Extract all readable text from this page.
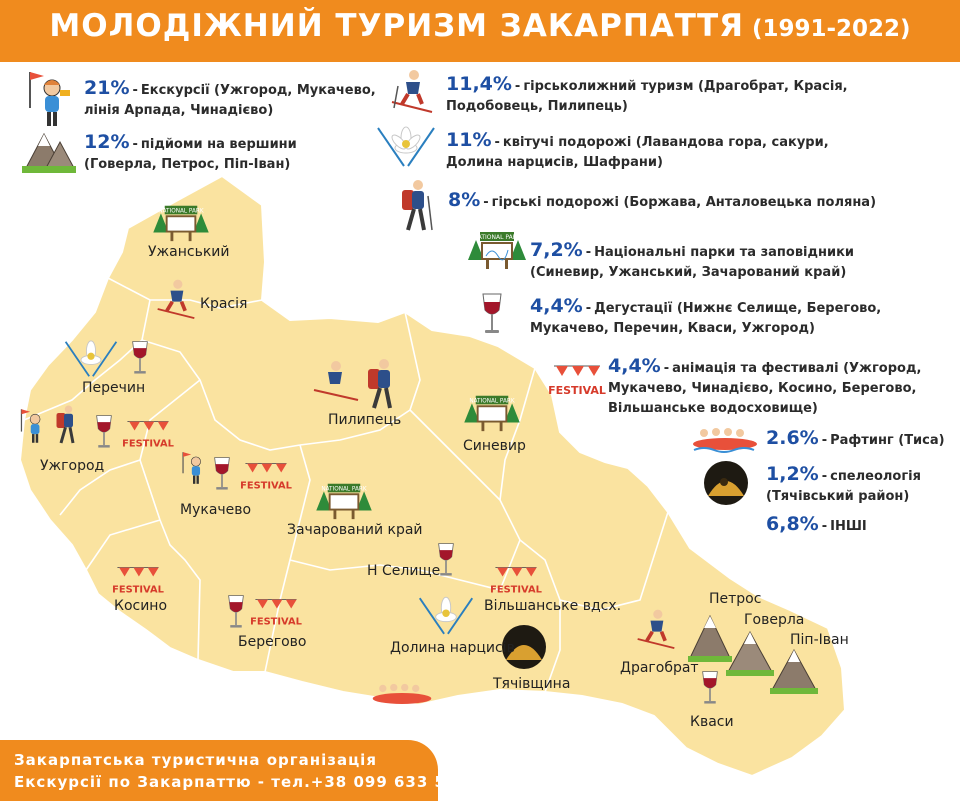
МОЛОДІЖНИЙ ТУРИЗМ ЗАКАРПАТТЯ (1991-2022)
NATIONAL PARK
FESTIVAL
21% - Екскурсії (Ужгород, Мукачево,
лінія Арпада, Чинадієво)
12% - підйоми на вершини
(Говерла, Петрос, Піп-Іван)
11,4% - гірськолижний туризм (Драгобрат, Красія,
Подобовець, Пилипець)
11% - квітучі подорожі (Лавандова гора, сакури,
Долина нарцисів, Шафрани)
8% - гірські подорожі (Боржава, Анталовецька поляна)
7,2% - Національні парки та заповідники
(Синевир, Ужанський, Зачарований край)
4,4% - Дегустації (Нижнє Селище, Берегово,
Мукачево, Перечин, Кваси, Ужгород)
4,4% - анімація та фестивалі (Ужгород,
Мукачево, Чинадієво, Косино, Берегово,
Вільшанське водосховище)
2.6% - Рафтинг (Тиса)
1,2% - спелеологія
(Тячівський район)
6,8% - ІНШІ
NATIONAL PARK
FESTIVAL
NATIONAL PARK
FESTIVAL	NATIONAL PARK
FESTIVAL	FESTIVAL
FESTIVAL
Ужанський
Красія
Перечин
Ужгород
Пилипець
Синевир
Мукачево
Зачарований край
Н Селище
Косино	Вільшанське вдсх.
Берегово	Долина нарцисів
Тячівщина
Петрос
Говерла
Піп-Іван
Драгобрат
Кваси
Закарпатська туристична організація
Екскурсії по Закарпаттю - тел.+38 099 633 54 52
